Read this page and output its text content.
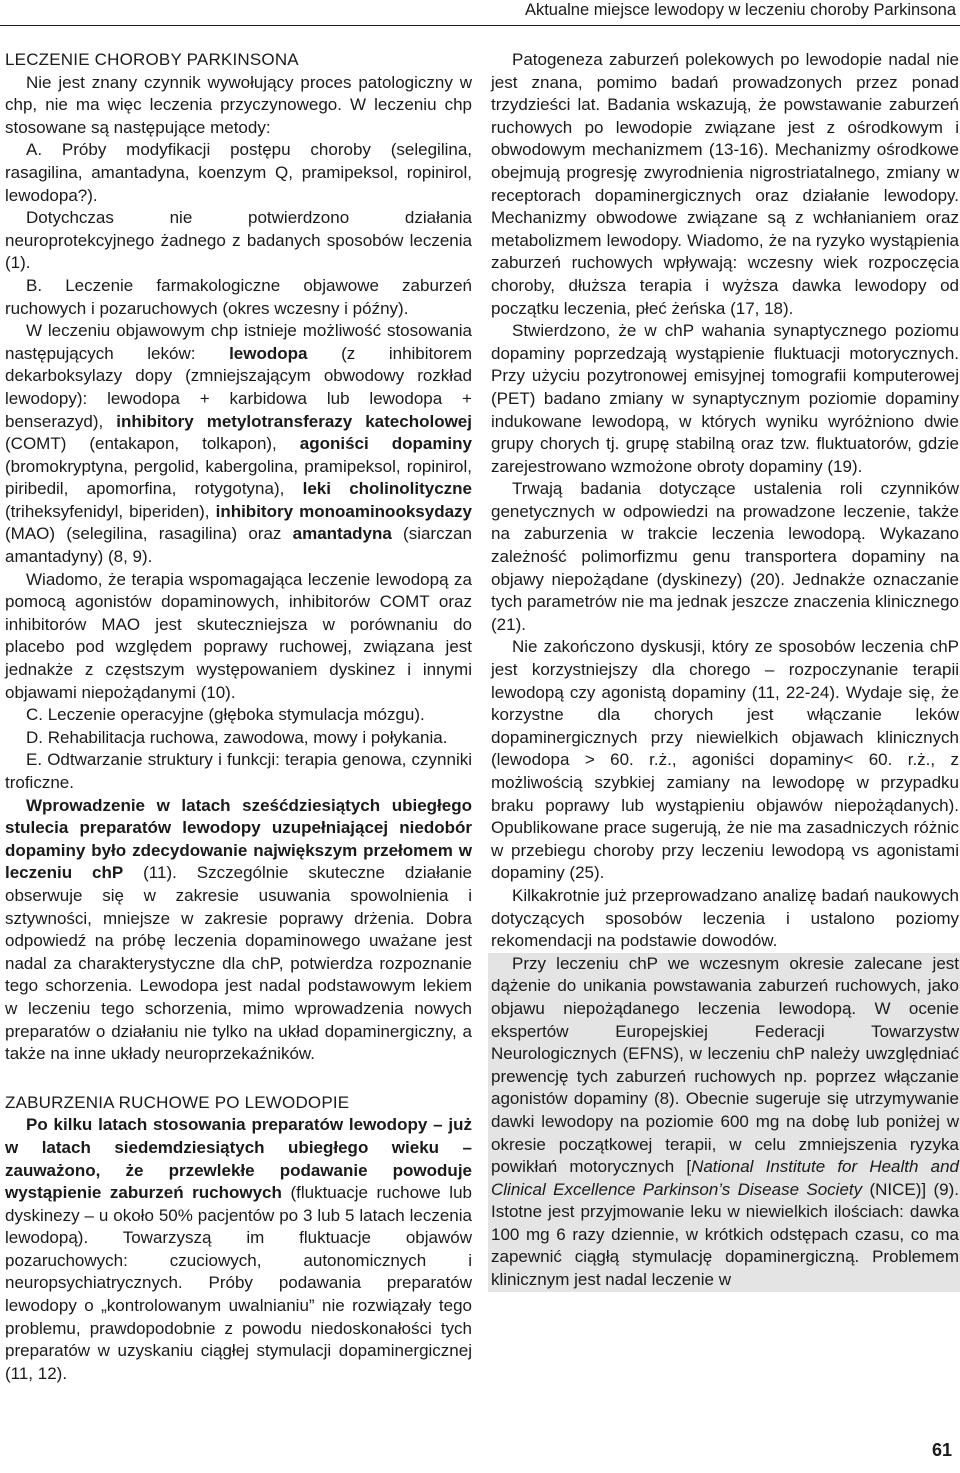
Aktualne miejsce lewodopy w leczeniu choroby Parkinsona

LECZENIE CHOROBY PARKINSONA

Nie jest znany czynnik wywołujący proces patologiczny w chp, nie ma więc leczenia przyczynowego. W leczeniu chp stosowane są następujące metody:

A. Próby modyfikacji postępu choroby (selegilina, rasagilina, amantadyna, koenzym Q, pramipeksol, ropinirol, lewodopa?).

Dotychczas nie potwierdzono działania neuroprotekcyjnego żadnego z badanych sposobów leczenia (1).

B. Leczenie farmakologiczne objawowe zaburzeń ruchowych i pozaruchowych (okres wczesny i późny).

W leczeniu objawowym chp istnieje możliwość stosowania następujących leków: lewodopa (z inhibitorem dekarboksylazy dopy (zmniejszającym obwodowy rozkład lewodopy): lewodopa + karbidowa lub lewodopa + benserazyd), inhibitory metylotransferazy katecholowej (COMT) (entakapon, tolkapon), agoniści dopaminy (bromokryptyna, pergolid, kabergolina, pramipeksol, ropinirol, piribedil, apomorfina, rotygotyna), leki cholinolityczne (triheksyfenidyl, biperiden), inhibitory monoaminooksydazy (MAO) (selegilina, rasagilina) oraz amantadyna (siarczan amantadyny) (8, 9).

Wiadomo, że terapia wspomagająca leczenie lewodopą za pomocą agonistów dopaminowych, inhibitorów COMT oraz inhibitorów MAO jest skuteczniejsza w porównaniu do placebo pod względem poprawy ruchowej, związana jest jednakże z częstszym występowaniem dyskinez i innymi objawami niepożądanymi (10).

C. Leczenie operacyjne (głęboka stymulacja mózgu).

D. Rehabilitacja ruchowa, zawodowa, mowy i połykania.

E. Odtwarzanie struktury i funkcji: terapia genowa, czynniki troficzne.

Wprowadzenie w latach sześćdziesiątych ubiegłego stulecia preparatów lewodopy uzupełniającej niedobór dopaminy było zdecydowanie największym przełomem w leczeniu chP (11). Szczególnie skuteczne działanie obserwuje się w zakresie usuwania spowolnienia i sztywności, mniejsze w zakresie poprawy drżenia. Dobra odpowiedź na próbę leczenia dopaminowego uważane jest nadal za charakterystyczne dla chP, potwierdza rozpoznanie tego schorzenia. Lewodopa jest nadal podstawowym lekiem w leczeniu tego schorzenia, mimo wprowadzenia nowych preparatów o działaniu nie tylko na układ dopaminergiczny, a także na inne układy neuroprzekaźników.

ZABURZENIA RUCHOWE PO LEWODOPIE

Po kilku latach stosowania preparatów lewodopy – już w latach siedemdziesiątych ubiegłego wieku – zauważono, że przewlekłe podawanie powoduje wystąpienie zaburzeń ruchowych (fluktuacje ruchowe lub dyskinezy – u około 50% pacjentów po 3 lub 5 latach leczenia lewodopą). Towarzyszą im fluktuacje objawów pozaruchowych: czuciowych, autonomicznych i neuropsychiatrycznych. Próby podawania preparatów lewodopy o „kontrolowanym uwalnianiu” nie rozwiązały tego problemu, prawdopodobnie z powodu niedoskonałości tych preparatów w uzyskaniu ciągłej stymulacji dopaminergicznej (11, 12).

Patogeneza zaburzeń polekowych po lewodopie nadal nie jest znana, pomimo badań prowadzonych przez ponad trzydzieści lat. Badania wskazują, że powstawanie zaburzeń ruchowych po lewodopie związane jest z ośrodkowym i obwodowym mechanizmem (13-16). Mechanizmy ośrodkowe obejmują progresję zwyrodnienia nigrostriatalnego, zmiany w receptorach dopaminergicznych oraz działanie lewodopy. Mechanizmy obwodowe związane są z wchłanianiem oraz metabolizmem lewodopy. Wiadomo, że na ryzyko wystąpienia zaburzeń ruchowych wpływają: wczesny wiek rozpoczęcia choroby, dłuższa terapia i wyższa dawka lewodopy od początku leczenia, płeć żeńska (17, 18).

Stwierdzono, że w chP wahania synaptycznego poziomu dopaminy poprzedzają wystąpienie fluktuacji motorycznych. Przy użyciu pozytronowej emisyjnej tomografii komputerowej (PET) badano zmiany w synaptycznym poziomie dopaminy indukowane lewodopą, w których wyniku wyróżniono dwie grupy chorych tj. grupę stabilną oraz tzw. fluktuatorów, gdzie zarejestrowano wzmożone obroty dopaminy (19).

Trwają badania dotyczące ustalenia roli czynników genetycznych w odpowiedzi na prowadzone leczenie, także na zaburzenia w trakcie leczenia lewodopą. Wykazano zależność polimorfizmu genu transportera dopaminy na objawy niepożądane (dyskinezy) (20). Jednakże oznaczanie tych parametrów nie ma jednak jeszcze znaczenia klinicznego (21).

Nie zakończono dyskusji, który ze sposobów leczenia chP jest korzystniejszy dla chorego – rozpoczynanie terapii lewodopą czy agonistą dopaminy (11, 22-24). Wydaje się, że korzystne dla chorych jest włączanie leków dopaminergicznych przy niewielkich objawach klinicznych (lewodopa > 60. r.ż., agoniści dopaminy< 60. r.ż., z możliwością szybkiej zamiany na lewodopę w przypadku braku poprawy lub wystąpieniu objawów niepożądanych). Opublikowane prace sugerują, że nie ma zasadniczych różnic w przebiegu choroby przy leczeniu lewodopą vs agonistami dopaminy (25).

Kilkakrotnie już przeprowadzano analizę badań naukowych dotyczących sposobów leczenia i ustalono poziomy rekomendacji na podstawie dowodów.

Przy leczeniu chP we wczesnym okresie zalecane jest dążenie do unikania powstawania zaburzeń ruchowych, jako objawu niepożądanego leczenia lewodopą. W ocenie ekspertów Europejskiej Federacji Towarzystw Neurologicznych (EFNS), w leczeniu chP należy uwzględniać prewencję tych zaburzeń ruchowych np. poprzez włączanie agonistów dopaminy (8). Obecnie sugeruje się utrzymywanie dawki lewodopy na poziomie 600 mg na dobę lub poniżej w okresie początkowej terapii, w celu zmniejszenia ryzyka powikłań motorycznych [National Institute for Health and Clinical Excellence Parkinson’s Disease Society (NICE)] (9). Istotne jest przyjmowanie leku w niewielkich ilościach: dawka 100 mg 6 razy dziennie, w krótkich odstępach czasu, co ma zapewnić ciągłą stymulację dopaminergiczną. Problemem klinicznym jest nadal leczenie w

61
